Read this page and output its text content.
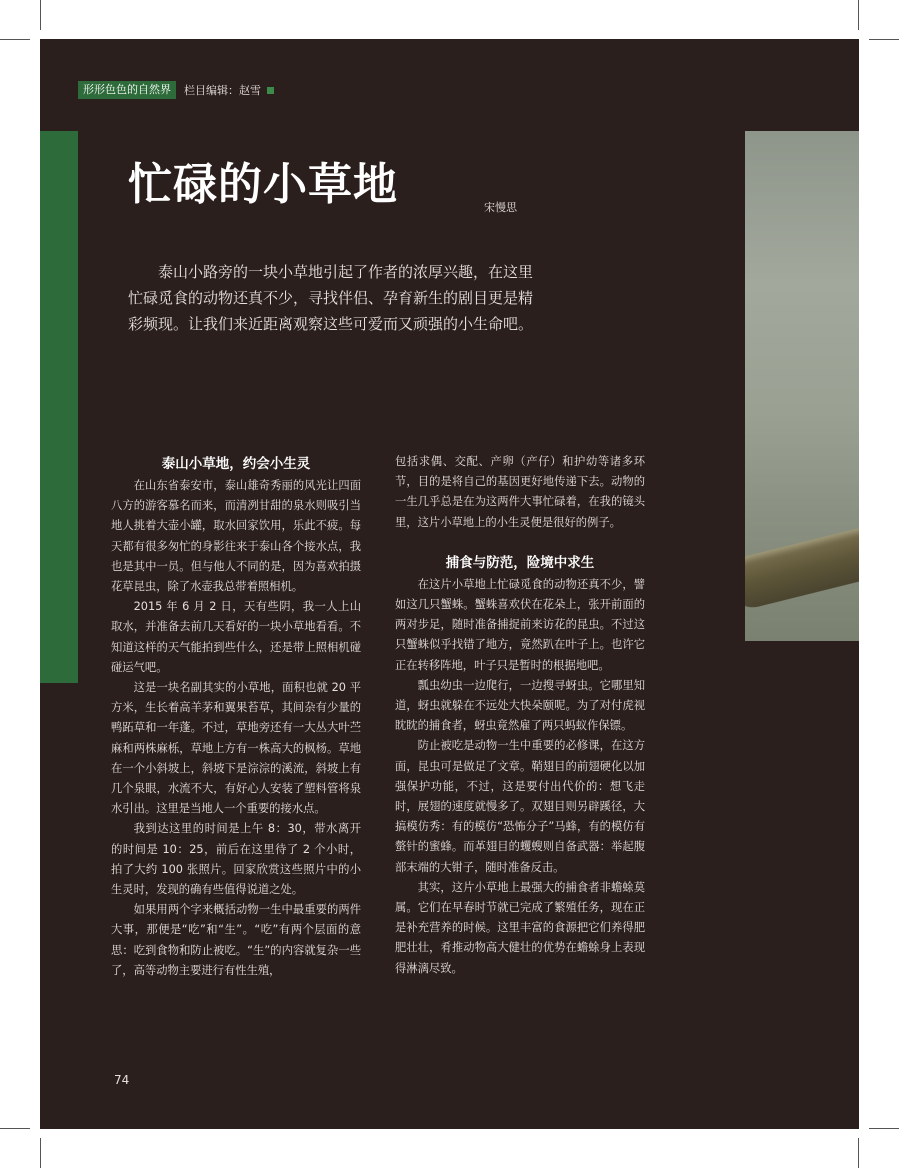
形形色色的自然界	栏目编辑：赵雪
忙碌的小草地	宋慢思

泰山小路旁的一块小草地引起了作者的浓厚兴趣，在这里忙碌觅食的动物还真不少，寻找伴侣、孕育新生的剧目更是精彩频现。让我们来近距离观察这些可爱而又顽强的小生命吧。

泰山小草地，约会小生灵

在山东省泰安市，泰山雄奇秀丽的风光让四面八方的游客慕名而来，而清冽甘甜的泉水则吸引当地人挑着大壶小罐，取水回家饮用，乐此不疲。每天都有很多匆忙的身影往来于泰山各个接水点，我也是其中一员。但与他人不同的是，因为喜欢拍摄花草昆虫，除了水壶我总带着照相机。

2015 年 6 月 2 日，天有些阴，我一人上山取水，并准备去前几天看好的一块小草地看看。不知道这样的天气能拍到些什么，还是带上照相机碰碰运气吧。

这是一块名副其实的小草地，面积也就 20 平方米，生长着高羊茅和翼果苔草，其间杂有少量的鸭跖草和一年蓬。不过，草地旁还有一大丛大叶苎麻和两株麻栎，草地上方有一株高大的枫杨。草地在一个小斜坡上，斜坡下是淙淙的溪流，斜坡上有几个泉眼，水流不大，有好心人安装了塑料管将泉水引出。这里是当地人一个重要的接水点。

我到达这里的时间是上午 8：30，带水离开的时间是 10：25，前后在这里待了 2 个小时，拍了大约 100 张照片。回家欣赏这些照片中的小生灵时，发现的确有些值得说道之处。

如果用两个字来概括动物一生中最重要的两件大事，那便是“吃”和“生”。“吃”有两个层面的意思：吃到食物和防止被吃。“生”的内容就复杂一些了，高等动物主要进行有性生殖，

包括求偶、交配、产卵（产仔）和护幼等诸多环节，目的是将自己的基因更好地传递下去。动物的一生几乎总是在为这两件大事忙碌着，在我的镜头里，这片小草地上的小生灵便是很好的例子。

捕食与防范，险境中求生

在这片小草地上忙碌觅食的动物还真不少，譬如这几只蟹蛛。蟹蛛喜欢伏在花朵上，张开前面的两对步足，随时准备捕捉前来访花的昆虫。不过这只蟹蛛似乎找错了地方，竟然趴在叶子上。也许它正在转移阵地，叶子只是暂时的根据地吧。

瓢虫幼虫一边爬行，一边搜寻蚜虫。它哪里知道，蚜虫就躲在不远处大快朵颐呢。为了对付虎视眈眈的捕食者，蚜虫竟然雇了两只蚂蚁作保镖。

防止被吃是动物一生中重要的必修课，在这方面，昆虫可是做足了文章。鞘翅目的前翅硬化以加强保护功能，不过，这是要付出代价的：想飞走时，展翅的速度就慢多了。双翅目则另辟蹊径，大搞模仿秀：有的模仿“恐怖分子”马蜂，有的模仿有螫针的蜜蜂。而革翅目的蠼螋则自备武器：举起腹部末端的大钳子，随时准备反击。

其实，这片小草地上最强大的捕食者非蟾蜍莫属。它们在早春时节就已完成了繁殖任务，现在正是补充营养的时候。这里丰富的食源把它们养得肥肥壮壮，肴推动物高大健壮的优势在蟾蜍身上表现得淋漓尽致。

74
